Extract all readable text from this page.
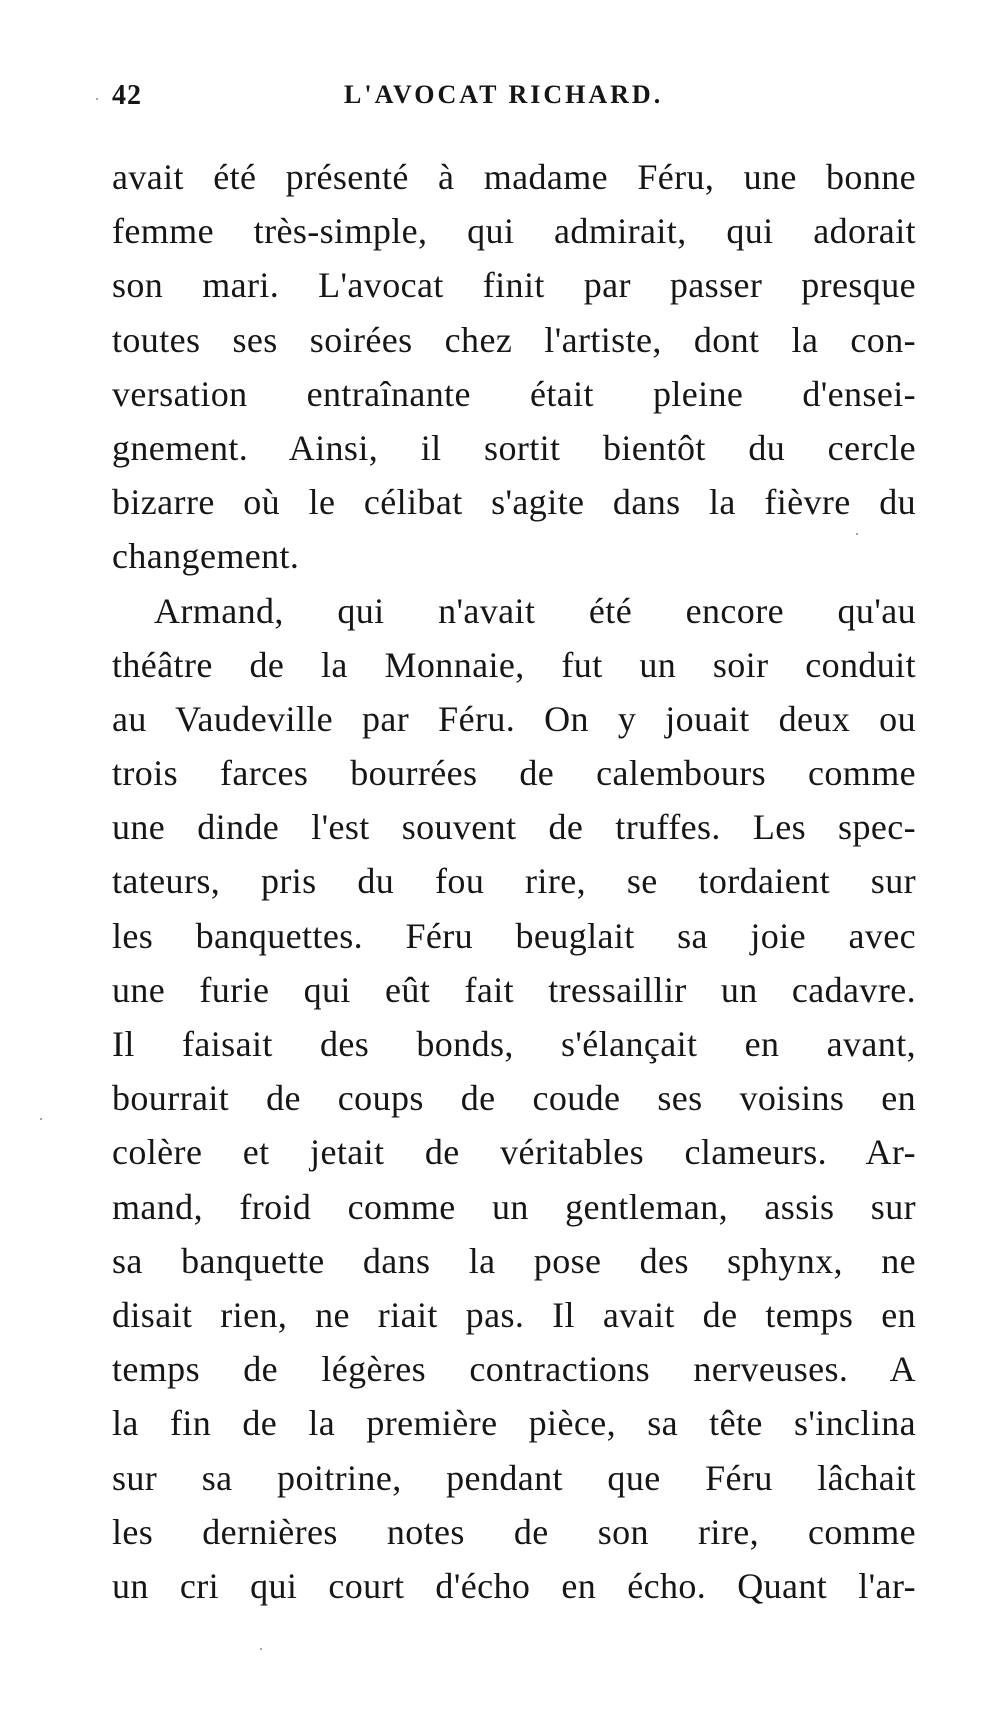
42	L'AVOCAT RICHARD.
avait été présenté à madame Féru, une bonne
femme très-simple, qui admirait, qui adorait
son mari. L'avocat finit par passer presque
toutes ses soirées chez l'artiste, dont la con-
versation entraînante était pleine d'ensei-
gnement. Ainsi, il sortit bientôt du cercle
bizarre où le célibat s'agite dans la fièvre du
changement.
Armand, qui n'avait été encore qu'au
théâtre de la Monnaie, fut un soir conduit
au Vaudeville par Féru. On y jouait deux ou
trois farces bourrées de calembours comme
une dinde l'est souvent de truffes. Les spec-
tateurs, pris du fou rire, se tordaient sur
les banquettes. Féru beuglait sa joie avec
une furie qui eût fait tressaillir un cadavre.
Il faisait des bonds, s'élançait en avant,
bourrait de coups de coude ses voisins en
colère et jetait de véritables clameurs. Ar-
mand, froid comme un gentleman, assis sur
sa banquette dans la pose des sphynx, ne
disait rien, ne riait pas. Il avait de temps en
temps de légères contractions nerveuses. A
la fin de la première pièce, sa tête s'inclina
sur sa poitrine, pendant que Féru lâchait
les dernières notes de son rire, comme
un cri qui court d'écho en écho. Quant l'ar-
